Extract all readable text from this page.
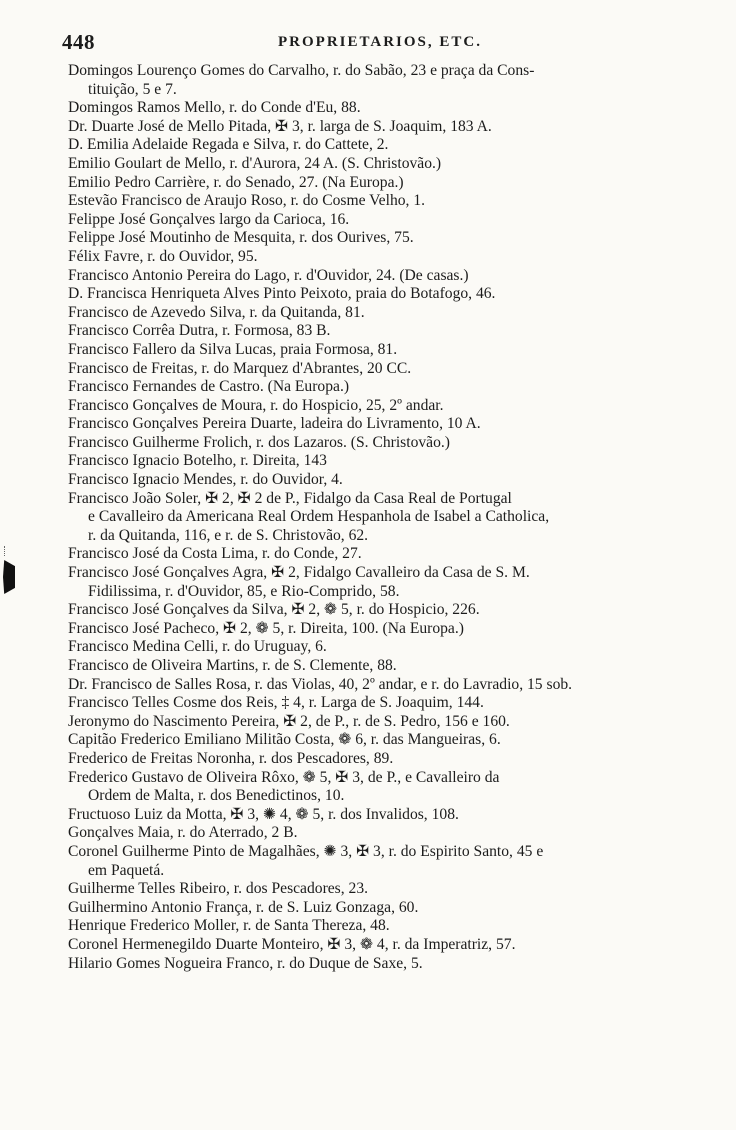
448	PROPRIETARIOS, ETC.
Domingos Lourenço Gomes do Carvalho, r. do Sabão, 23 e praça da Cons-
tituição, 5 e 7.
Domingos Ramos Mello, r. do Conde d'Eu, 88.
Dr. Duarte José de Mello Pitada, ✠ 3, r. larga de S. Joaquim, 183 A.
D. Emilia Adelaide Regada e Silva, r. do Cattete, 2.
Emilio Goulart de Mello, r. d'Aurora, 24 A. (S. Christovão.)
Emilio Pedro Carrière, r. do Senado, 27. (Na Europa.)
Estevão Francisco de Araujo Roso, r. do Cosme Velho, 1.
Felippe José Gonçalves largo da Carioca, 16.
Felippe José Moutinho de Mesquita, r. dos Ourives, 75.
Félix Favre, r. do Ouvidor, 95.
Francisco Antonio Pereira do Lago, r. d'Ouvidor, 24. (De casas.)
D. Francisca Henriqueta Alves Pinto Peixoto, praia do Botafogo, 46.
Francisco de Azevedo Silva, r. da Quitanda, 81.
Francisco Corrêa Dutra, r. Formosa, 83 B.
Francisco Fallero da Silva Lucas, praia Formosa, 81.
Francisco de Freitas, r. do Marquez d'Abrantes, 20 CC.
Francisco Fernandes de Castro. (Na Europa.)
Francisco Gonçalves de Moura, r. do Hospicio, 25, 2º andar.
Francisco Gonçalves Pereira Duarte, ladeira do Livramento, 10 A.
Francisco Guilherme Frolich, r. dos Lazaros. (S. Christovão.)
Francisco Ignacio Botelho, r. Direita, 143
Francisco Ignacio Mendes, r. do Ouvidor, 4.
Francisco João Soler, ✠ 2, ✠ 2 de P., Fidalgo da Casa Real de Portugal
e Cavalleiro da Americana Real Ordem Hespanhola de Isabel a Catholica,
r. da Quitanda, 116, e r. de S. Christovão, 62.
Francisco José da Costa Lima, r. do Conde, 27.
Francisco José Gonçalves Agra, ✠ 2, Fidalgo Cavalleiro da Casa de S. M.
Fidilissima, r. d'Ouvidor, 85, e Rio-Comprido, 58.
Francisco José Gonçalves da Silva, ✠ 2, ❁ 5, r. do Hospicio, 226.
Francisco José Pacheco, ✠ 2, ❁ 5, r. Direita, 100. (Na Europa.)
Francisco Medina Celli, r. do Uruguay, 6.
Francisco de Oliveira Martins, r. de S. Clemente, 88.
Dr. Francisco de Salles Rosa, r. das Violas, 40, 2º andar, e r. do Lavradio, 15 sob.
Francisco Telles Cosme dos Reis, ‡ 4, r. Larga de S. Joaquim, 144.
Jeronymo do Nascimento Pereira, ✠ 2, de P., r. de S. Pedro, 156 e 160.
Capitão Frederico Emiliano Militão Costa, ❁ 6, r. das Mangueiras, 6.
Frederico de Freitas Noronha, r. dos Pescadores, 89.
Frederico Gustavo de Oliveira Rôxo, ❁ 5, ✠ 3, de P., e Cavalleiro da
Ordem de Malta, r. dos Benedictinos, 10.
Fructuoso Luiz da Motta, ✠ 3, ✺ 4, ❁ 5, r. dos Invalidos, 108.
Gonçalves Maia, r. do Aterrado, 2 B.
Coronel Guilherme Pinto de Magalhães, ✺ 3, ✠ 3, r. do Espirito Santo, 45 e
em Paquetá.
Guilherme Telles Ribeiro, r. dos Pescadores, 23.
Guilhermino Antonio França, r. de S. Luiz Gonzaga, 60.
Henrique Frederico Moller, r. de Santa Thereza, 48.
Coronel Hermenegildo Duarte Monteiro, ✠ 3, ❁ 4, r. da Imperatriz, 57.
Hilario Gomes Nogueira Franco, r. do Duque de Saxe, 5.
